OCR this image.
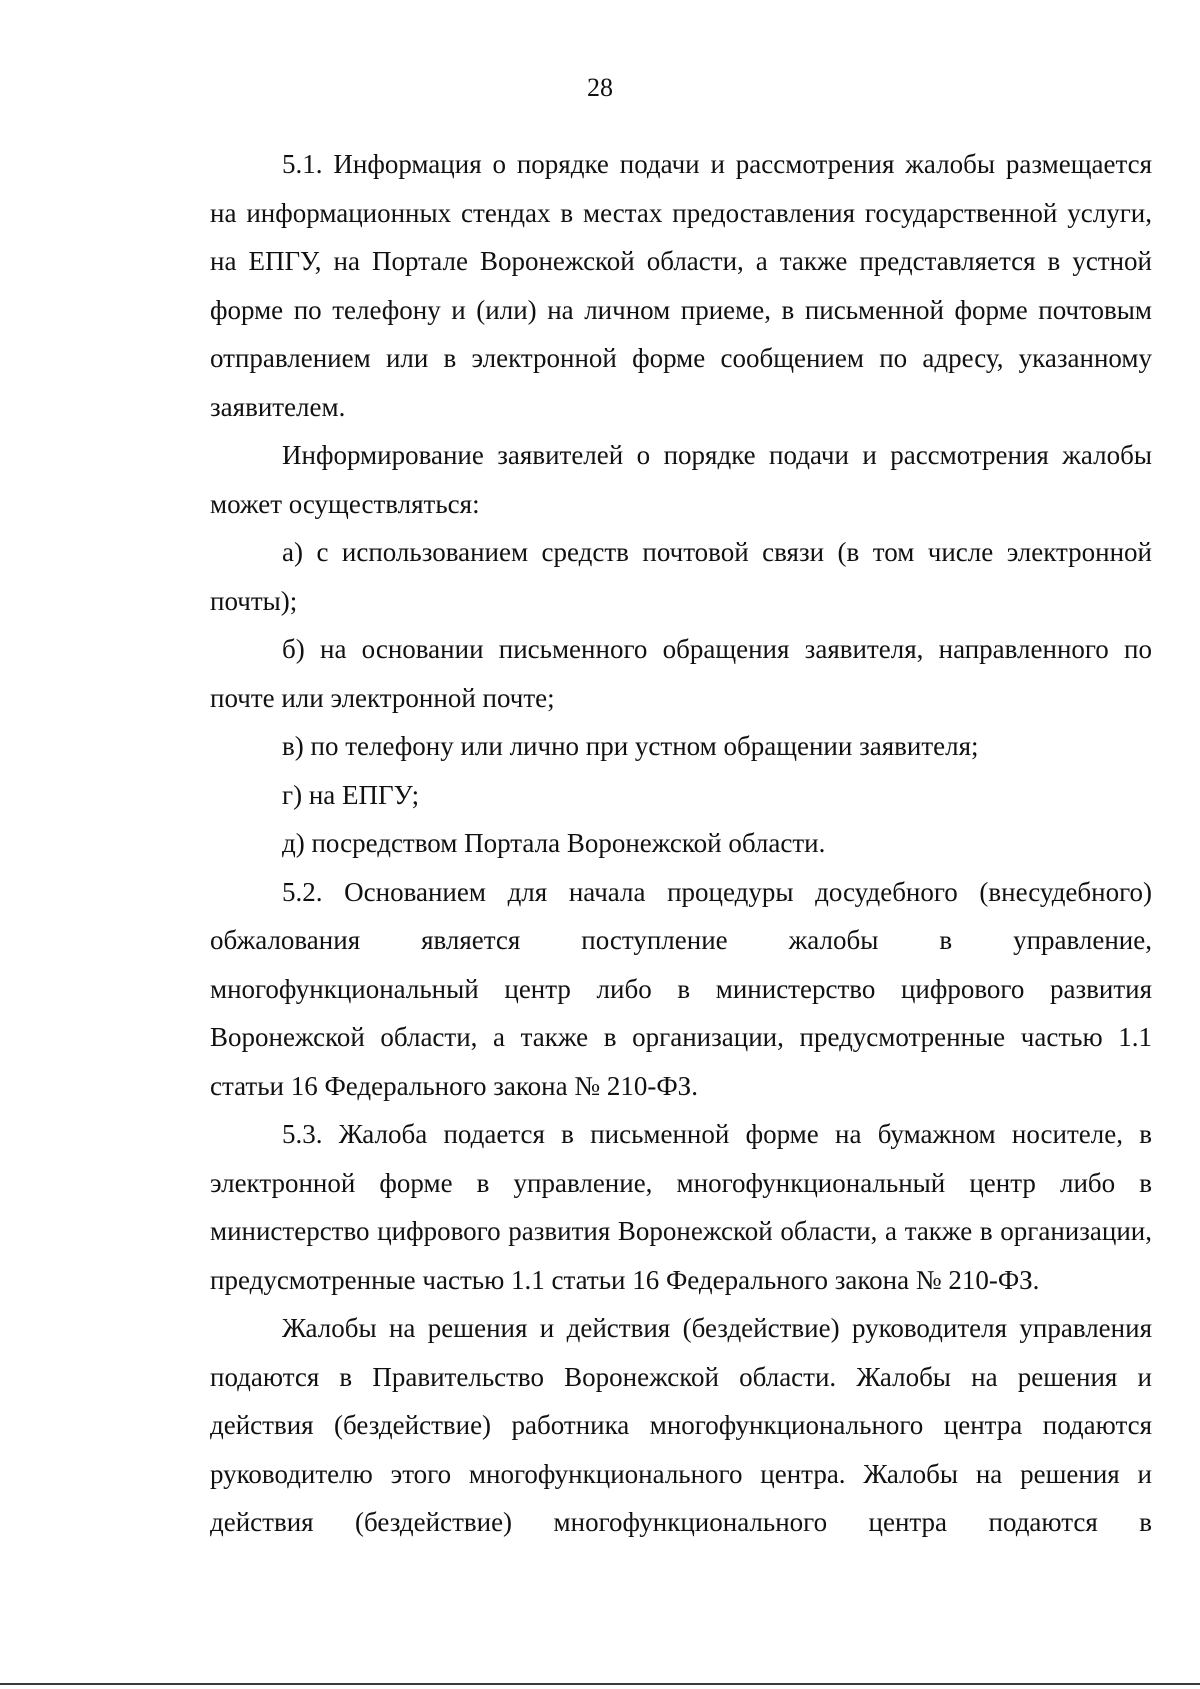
28

5.1. Информация о порядке подачи и рассмотрения жалобы размещается на информационных стендах в местах предоставления государственной услуги, на ЕПГУ, на Портале Воронежской области, а также представляется в устной форме по телефону и (или) на личном приеме, в письменной форме почтовым отправлением или в электронной форме сообщением по адресу, указанному заявителем.

Информирование заявителей о порядке подачи и рассмотрения жалобы может осуществляться:

а) с использованием средств почтовой связи (в том числе электронной почты);

б) на основании письменного обращения заявителя, направленного по почте или электронной почте;

в) по телефону или лично при устном обращении заявителя;

г) на ЕПГУ;

д) посредством Портала Воронежской области.

5.2. Основанием для начала процедуры досудебного (внесудебного) обжалования является поступление жалобы в управление, многофункциональный центр либо в министерство цифрового развития Воронежской области, а также в организации, предусмотренные частью 1.1 статьи 16 Федерального закона № 210-ФЗ.

5.3. Жалоба подается в письменной форме на бумажном носителе, в электронной форме в управление, многофункциональный центр либо в министерство цифрового развития Воронежской области, а также в организации, предусмотренные частью 1.1 статьи 16 Федерального закона № 210-ФЗ.

Жалобы на решения и действия (бездействие) руководителя управления подаются в Правительство Воронежской области. Жалобы на решения и действия (бездействие) работника многофункционального центра подаются руководителю этого многофункционального центра. Жалобы на решения и действия (бездействие) многофункционального центра подаются в
